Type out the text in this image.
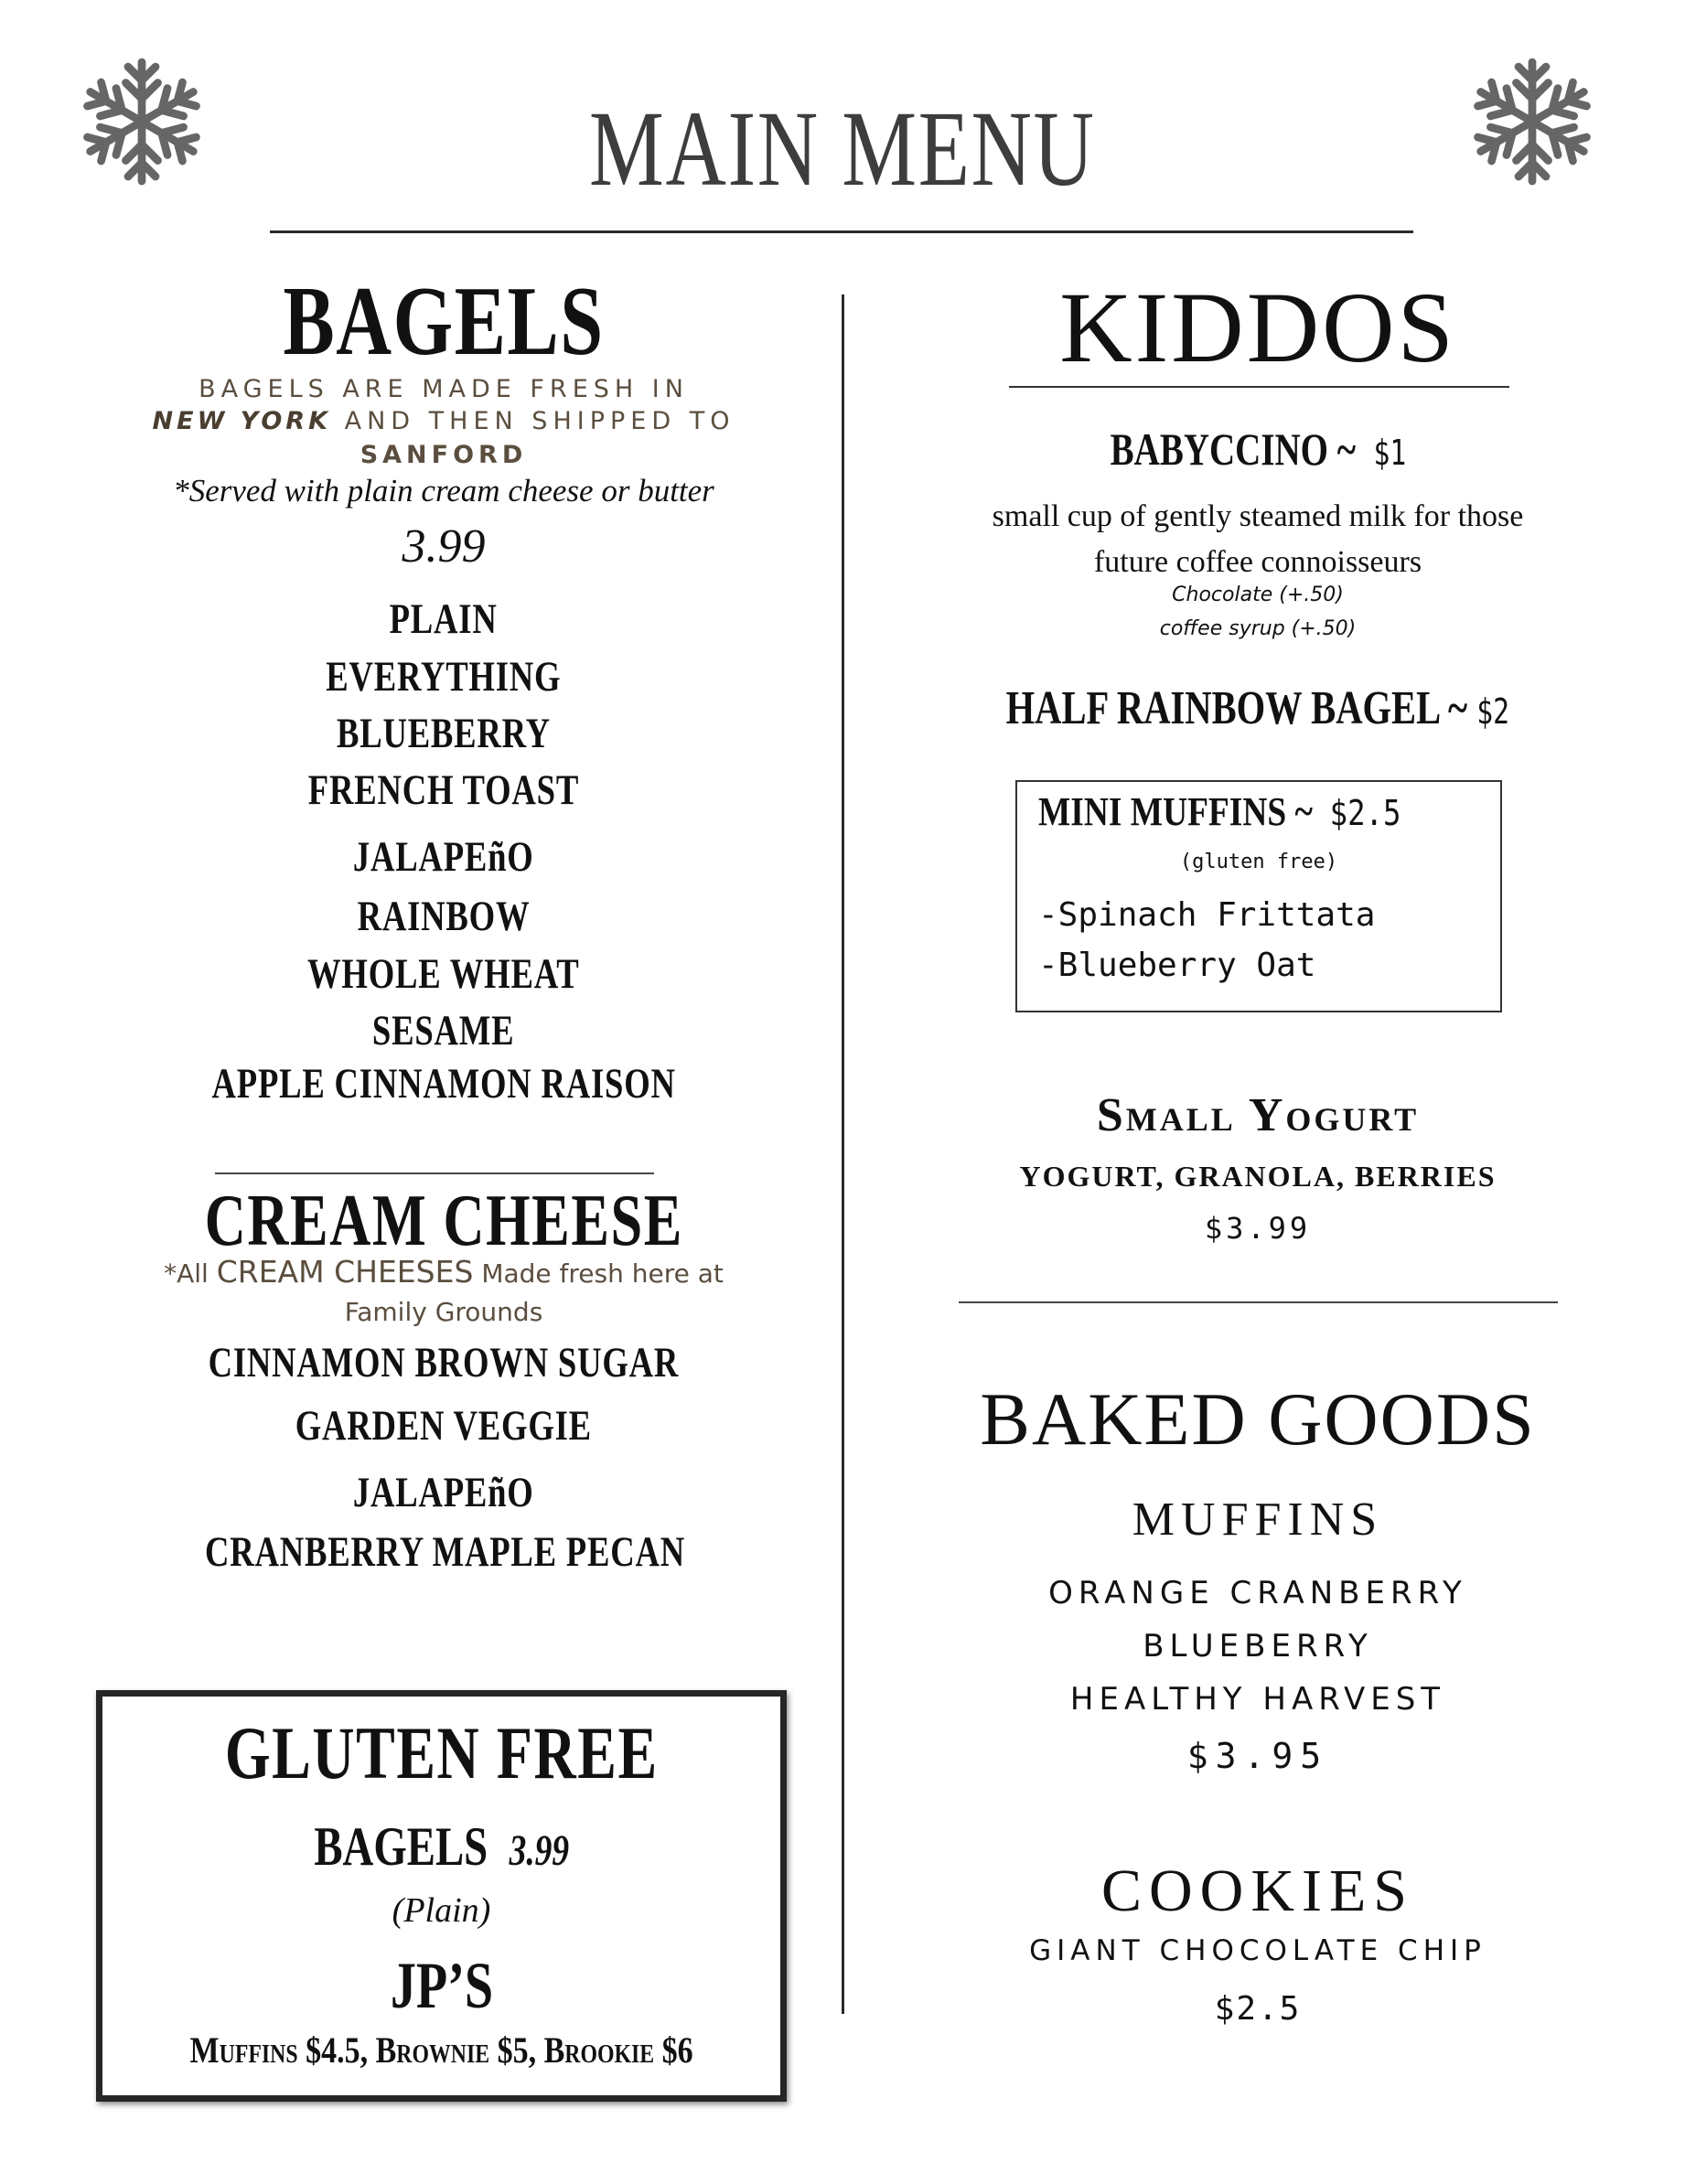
MAIN MENU
BAGELS
BAGELS ARE MADE FRESH IN
NEW YORK AND THEN SHIPPED TO
SANFORD
*Served with plain cream cheese or butter
3.99
PLAIN
EVERYTHING
BLUEBERRY
FRENCH TOAST
JALAPEñO
RAINBOW
WHOLE WHEAT
SESAME
APPLE CINNAMON RAISON
CREAM CHEESE
*All CREAM CHEESES Made fresh here at
Family Grounds
CINNAMON BROWN SUGAR
GARDEN VEGGIE
JALAPEñO
CRANBERRY MAPLE PECAN
GLUTEN FREE
BAGELS 3.99
(Plain)
JP’S
Muffins $4.5, Brownie $5, Brookie $6
KIDDOS
BABYCCINO ~ $1
small cup of gently steamed milk for those
future coffee connoisseurs
Chocolate (+.50)
coffee syrup (+.50)
HALF RAINBOW BAGEL ~ $2
MINI MUFFINS ~ $2.5
(gluten free)
-Spinach Frittata
-Blueberry Oat
Small Yogurt
YOGURT, GRANOLA, BERRIES
$3.99
BAKED GOODS
MUFFINS
ORANGE CRANBERRY
BLUEBERRY
HEALTHY HARVEST
$3.95
COOKIES
GIANT CHOCOLATE CHIP
$2.5
